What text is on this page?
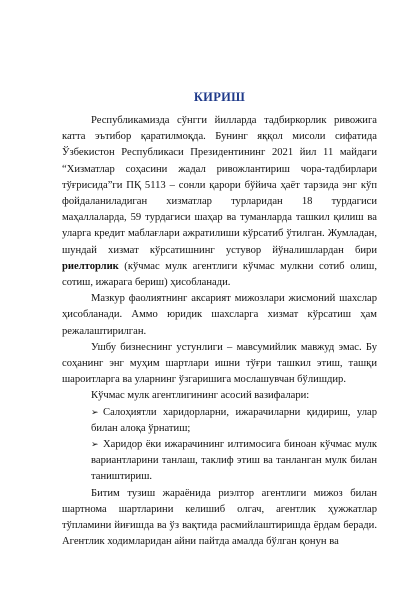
КИРИШ

Республикамизда сўнгги йилларда тадбиркорлик ривожига катта эътибор қаратилмоқда. Бунинг яққол мисоли сифатида Ўзбекистон Республикаси Президентининг 2021 йил 11 майдаги “Хизматлар соҳасини жадал ривожлантириш чора-тадбирлари тўғрисида”ги ПҚ 5113 – сонли қарори бўйича ҳаёт тарзида энг кўп фойдаланиладиган хизматлар турларидан 18 турдагиси маҳаллаларда, 59 турдагиси шаҳар ва туманларда ташкил қилиш ва уларга кредит маблағлари ажратилиши кўрсатиб ўтилган. Жумладан, шундай хизмат кўрсатишнинг устувор йўналишлардан бири риелторлик (кўчмас мулк агентлиги кўчмас мулкни сотиб олиш, сотиш, ижарага бериш) ҳисобланади.

Мазкур фаолиятнинг аксарият мижозлари жисмоний шахслар ҳисобланади. Аммо юридик шахсларга хизмат кўрсатиш ҳам режалаштирилган.

Ушбу бизнеснинг устунлиги – мавсумийлик мавжуд эмас. Бу соҳанинг энг муҳим шартлари ишни тўғри ташкил этиш, ташқи шароитларга ва уларнинг ўзгаришига мослашувчан бўлишдир.

Кўчмас мулк агентлигининг асосий вазифалари:

➢ Салоҳиятли харидорларни, ижарачиларни қидириш, улар билан алоқа ўрнатиш;

➢ Харидор ёки ижарачининг илтимосига биноан кўчмас мулк вариантларини танлаш, таклиф этиш ва танланган мулк билан таништириш.

Битим тузиш жараёнида риэлтор агентлиги мижоз билан шартнома шартларини келишиб олгач, агентлик ҳужжатлар тўпламини йиғишда ва ўз вақтида расмийлаштиришда ёрдам беради. Агентлик ходимларидан айни пайтда амалда бўлган қонун ва
